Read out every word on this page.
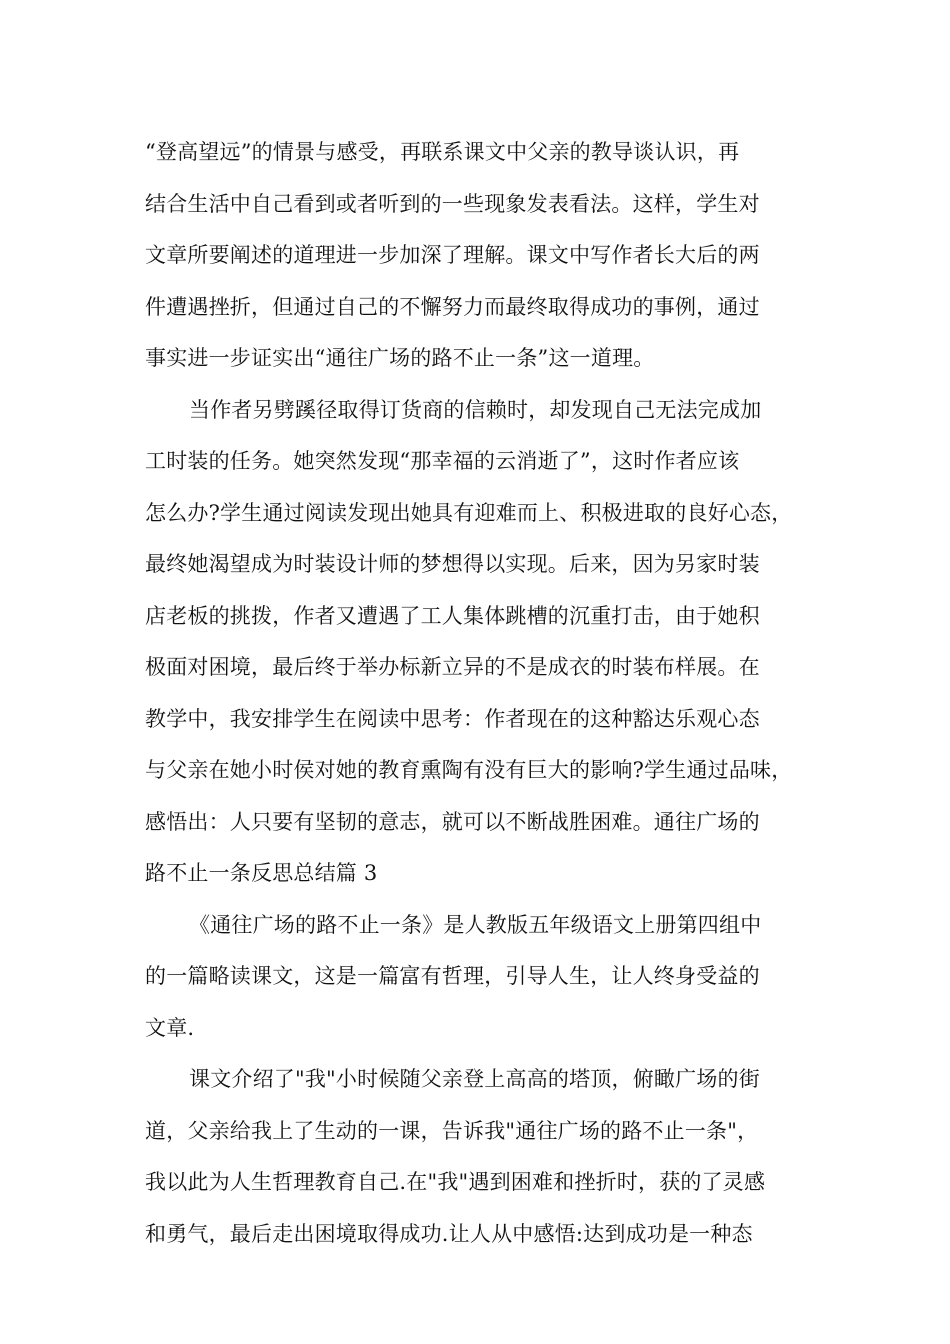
“登高望远”的情景与感受，再联系课文中父亲的教导谈认识，再
结合生活中自己看到或者听到的一些现象发表看法。这样，学生对
文章所要阐述的道理进一步加深了理解。课文中写作者长大后的两
件遭遇挫折，但通过自己的不懈努力而最终取得成功的事例，通过
事实进一步证实出“通往广场的路不止一条”这一道理。
当作者另劈蹊径取得订货商的信赖时，却发现自己无法完成加
工时装的任务。她突然发现“那幸福的云消逝了”，这时作者应该
怎么办?学生通过阅读发现出她具有迎难而上、积极进取的良好心态，
最终她渴望成为时装设计师的梦想得以实现。后来，因为另家时装
店老板的挑拨，作者又遭遇了工人集体跳槽的沉重打击，由于她积
极面对困境，最后终于举办标新立异的不是成衣的时装布样展。在
教学中，我安排学生在阅读中思考：作者现在的这种豁达乐观心态
与父亲在她小时侯对她的教育熏陶有没有巨大的影响?学生通过品味，
感悟出：人只要有坚韧的意志，就可以不断战胜困难。通往广场的
路不止一条反思总结篇 3
《通往广场的路不止一条》是人教版五年级语文上册第四组中
的一篇略读课文，这是一篇富有哲理，引导人生，让人终身受益的
文章.
课文介绍了"我"小时候随父亲登上高高的塔顶，俯瞰广场的街
道，父亲给我上了生动的一课，告诉我"通往广场的路不止一条"，
我以此为人生哲理教育自己.在"我"遇到困难和挫折时，获的了灵感
和勇气，最后走出困境取得成功.让人从中感悟:达到成功是一种态
